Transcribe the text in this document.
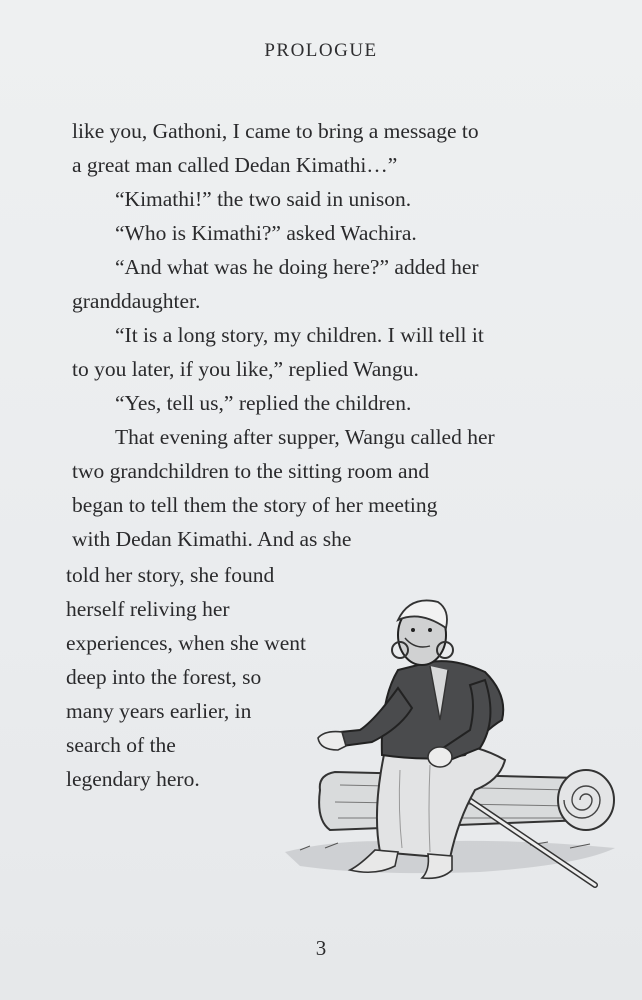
PROLOGUE
like you, Gathoni, I came to bring a message to
a great man called Dedan Kimathi…”
“Kimathi!” the two said in unison.
“Who is Kimathi?” asked Wachira.
“And what was he doing here?” added her
granddaughter.
“It is a long story, my children. I will tell it
to you later, if you like,” replied Wangu.
“Yes, tell us,” replied the children.
That evening after supper, Wangu called her
two grandchildren to the sitting room and
began to tell them the story of her meeting
with Dedan Kimathi. And as she
told her story, she found
herself reliving her
experiences, when she went
deep into the forest, so
many years earlier, in
search of the
legendary hero.
3
